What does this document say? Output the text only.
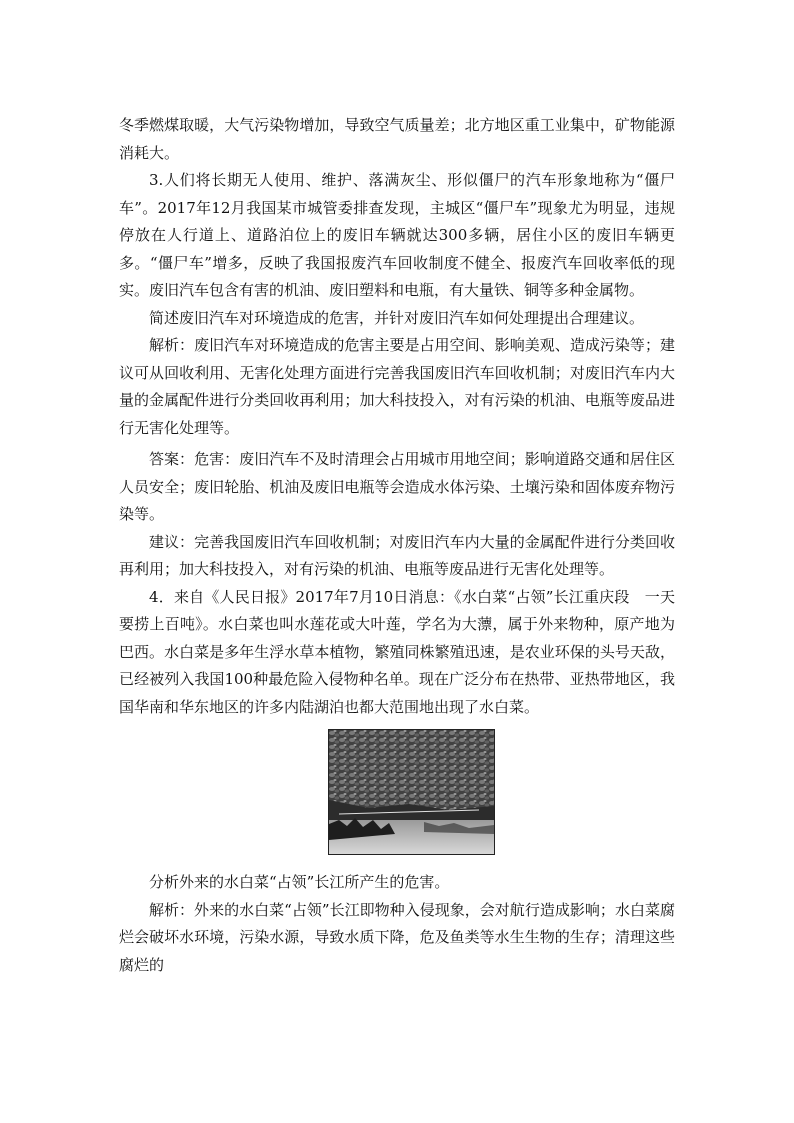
冬季燃煤取暖，大气污染物增加，导致空气质量差；北方地区重工业集中，矿物能源消耗大。

3.人们将长期无人使用、维护、落满灰尘、形似僵尸的汽车形象地称为“僵尸车”。2017年12月我国某市城管委排查发现，主城区“僵尸车”现象尤为明显，违规停放在人行道上、道路泊位上的废旧车辆就达300多辆，居住小区的废旧车辆更多。“僵尸车”增多，反映了我国报废汽车回收制度不健全、报废汽车回收率低的现实。废旧汽车包含有害的机油、废旧塑料和电瓶，有大量铁、铜等多种金属物。

简述废旧汽车对环境造成的危害，并针对废旧汽车如何处理提出合理建议。

解析：废旧汽车对环境造成的危害主要是占用空间、影响美观、造成污染等；建议可从回收利用、无害化处理方面进行完善我国废旧汽车回收机制；对废旧汽车内大量的金属配件进行分类回收再利用；加大科技投入，对有污染的机油、电瓶等废品进行无害化处理等。

答案：危害：废旧汽车不及时清理会占用城市用地空间；影响道路交通和居住区人员安全；废旧轮胎、机油及废旧电瓶等会造成水体污染、土壤污染和固体废弃物污染等。

建议：完善我国废旧汽车回收机制；对废旧汽车内大量的金属配件进行分类回收再利用；加大科技投入，对有污染的机油、电瓶等废品进行无害化处理等。

4．来自《人民日报》2017年7月10日消息：《水白菜“占领”长江重庆段　一天要捞上百吨》。水白菜也叫水莲花或大叶莲，学名为大薸，属于外来物种，原产地为巴西。水白菜是多年生浮水草本植物，繁殖同株繁殖迅速，是农业环保的头号天敌，已经被列入我国100种最危险入侵物种名单。现在广泛分布在热带、亚热带地区，我国华南和华东地区的许多内陆湖泊也都大范围地出现了水白菜。

分析外来的水白菜“占领”长江所产生的危害。

解析：外来的水白菜“占领”长江即物种入侵现象，会对航行造成影响；水白菜腐烂会破坏水环境，污染水源，导致水质下降，危及鱼类等水生生物的生存；清理这些腐烂的
